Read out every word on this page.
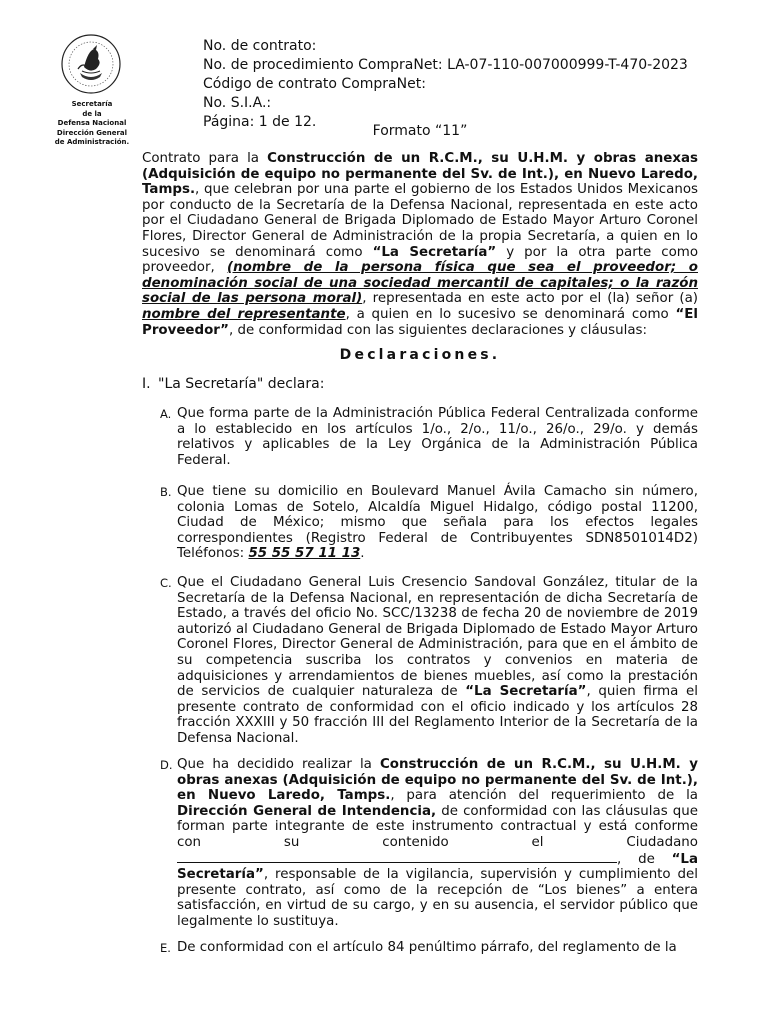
Secretaría
de la
Defensa Nacional
Dirección General
de Administración.
No. de contrato:
No. de procedimiento CompraNet: LA-07-110-007000999-T-470-2023
Código de contrato CompraNet:
No. S.I.A.:
Página: 1 de 12.
Formato “11”
Contrato para la Construcción de un R.C.M., su U.H.M. y obras anexas (Adquisición de equipo no permanente del Sv. de Int.), en Nuevo Laredo, Tamps., que celebran por una parte el gobierno de los Estados Unidos Mexicanos por conducto de la Secretaría de la Defensa Nacional, representada en este acto por el Ciudadano General de Brigada Diplomado de Estado Mayor Arturo Coronel Flores, Director General de Administración de la propia Secretaría, a quien en lo sucesivo se denominará como “La Secretaría” y por la otra parte como proveedor, (nombre de la persona física que sea el proveedor; o denominación social de una sociedad mercantil de capitales; o la razón social de las persona moral), representada en este acto por el (la) señor (a) nombre del representante, a quien en lo sucesivo se denominará como “El Proveedor”, de conformidad con las siguientes declaraciones y cláusulas:
Declaraciones.
I. "La Secretaría" declara:
A. Que forma parte de la Administración Pública Federal Centralizada conforme a lo establecido en los artículos 1/o., 2/o., 11/o., 26/o., 29/o. y demás relativos y aplicables de la Ley Orgánica de la Administración Pública Federal.
B. Que tiene su domicilio en Boulevard Manuel Ávila Camacho sin número, colonia Lomas de Sotelo, Alcaldía Miguel Hidalgo, código postal 11200, Ciudad de México; mismo que señala para los efectos legales correspondientes (Registro Federal de Contribuyentes SDN8501014D2) Teléfonos: 55 55 57 11 13.
C. Que el Ciudadano General Luis Cresencio Sandoval González, titular de la Secretaría de la Defensa Nacional, en representación de dicha Secretaría de Estado, a través del oficio No. SCC/13238 de fecha 20 de noviembre de 2019 autorizó al Ciudadano General de Brigada Diplomado de Estado Mayor Arturo Coronel Flores, Director General de Administración, para que en el ámbito de su competencia suscriba los contratos y convenios en materia de adquisiciones y arrendamientos de bienes muebles, así como la prestación de servicios de cualquier naturaleza de “La Secretaría”, quien firma el presente contrato de conformidad con el oficio indicado y los artículos 28 fracción XXXIII y 50 fracción III del Reglamento Interior de la Secretaría de la Defensa Nacional.
D. Que ha decidido realizar la Construcción de un R.C.M., su U.H.M. y obras anexas (Adquisición de equipo no permanente del Sv. de Int.), en Nuevo Laredo, Tamps., para atención del requerimiento de la Dirección General de Intendencia, de conformidad con las cláusulas que forman parte integrante de este instrumento contractual y está conforme con su contenido el Ciudadano , de “La Secretaría”, responsable de la vigilancia, supervisión y cumplimiento del presente contrato, así como de la recepción de “Los bienes” a entera satisfacción, en virtud de su cargo, y en su ausencia, el servidor público que legalmente lo sustituya.
E. De conformidad con el artículo 84 penúltimo párrafo, del reglamento de la
